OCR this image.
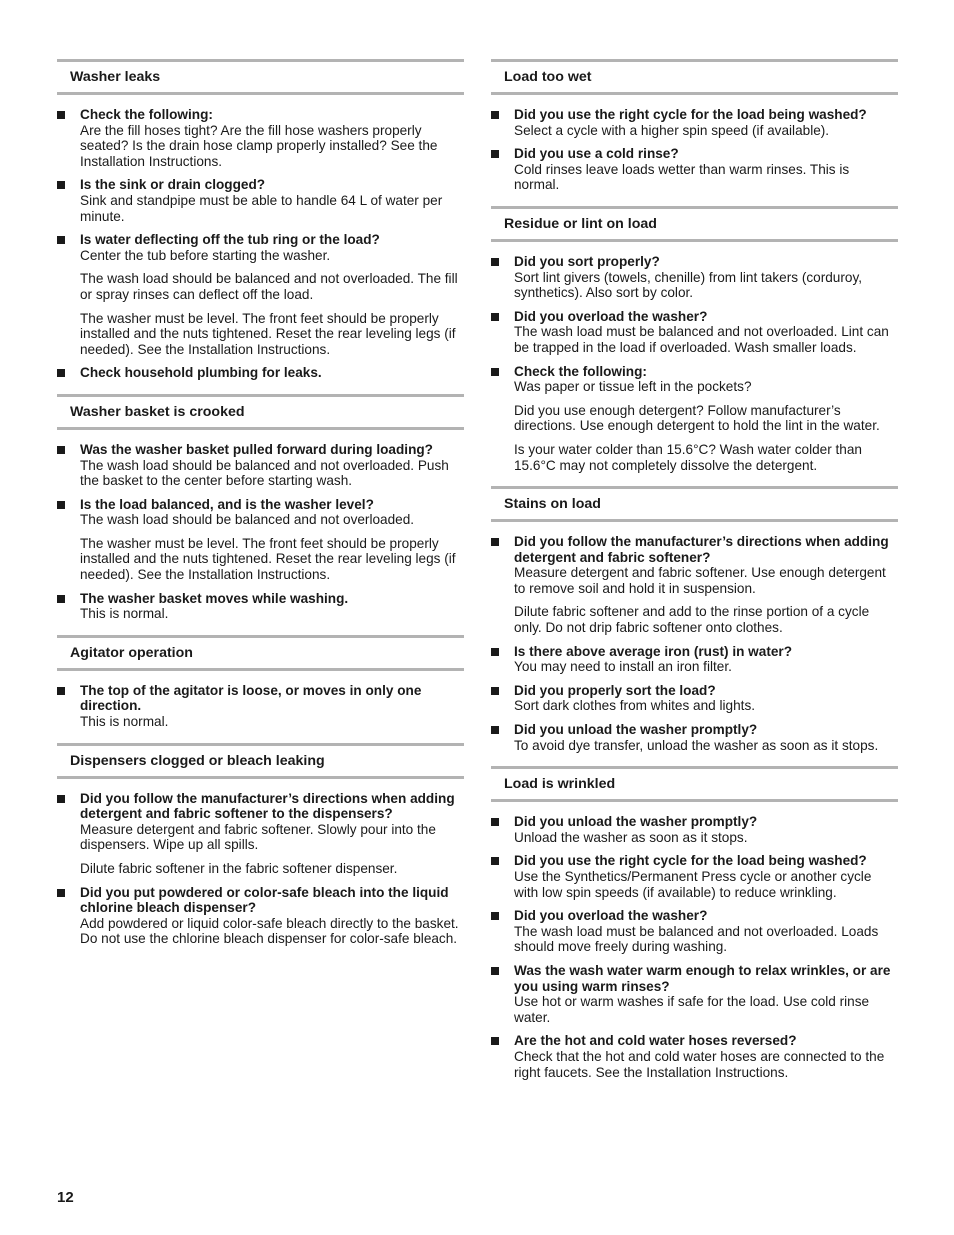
Washer leaks
Check the following:
Are the fill hoses tight? Are the fill hose washers properly seated? Is the drain hose clamp properly installed? See the Installation Instructions.
Is the sink or drain clogged?
Sink and standpipe must be able to handle 64 L of water per minute.
Is water deflecting off the tub ring or the load?
Center the tub before starting the washer.
The wash load should be balanced and not overloaded. The fill or spray rinses can deflect off the load.
The washer must be level. The front feet should be properly installed and the nuts tightened. Reset the rear leveling legs (if needed). See the Installation Instructions.
Check household plumbing for leaks.
Washer basket is crooked
Was the washer basket pulled forward during loading?
The wash load should be balanced and not overloaded. Push the basket to the center before starting wash.
Is the load balanced, and is the washer level?
The wash load should be balanced and not overloaded.
The washer must be level. The front feet should be properly installed and the nuts tightened. Reset the rear leveling legs (if needed). See the Installation Instructions.
The washer basket moves while washing.
This is normal.
Agitator operation
The top of the agitator is loose, or moves in only one direction.
This is normal.
Dispensers clogged or bleach leaking
Did you follow the manufacturer’s directions when adding detergent and fabric softener to the dispensers?
Measure detergent and fabric softener. Slowly pour into the dispensers. Wipe up all spills.
Dilute fabric softener in the fabric softener dispenser.
Did you put powdered or color-safe bleach into the liquid chlorine bleach dispenser?
Add powdered or liquid color-safe bleach directly to the basket. Do not use the chlorine bleach dispenser for color-safe bleach.
Load too wet
Did you use the right cycle for the load being washed?
Select a cycle with a higher spin speed (if available).
Did you use a cold rinse?
Cold rinses leave loads wetter than warm rinses. This is normal.
Residue or lint on load
Did you sort properly?
Sort lint givers (towels, chenille) from lint takers (corduroy, synthetics). Also sort by color.
Did you overload the washer?
The wash load must be balanced and not overloaded. Lint can be trapped in the load if overloaded. Wash smaller loads.
Check the following:
Was paper or tissue left in the pockets?
Did you use enough detergent? Follow manufacturer’s directions. Use enough detergent to hold the lint in the water.
Is your water colder than 15.6°C? Wash water colder than 15.6°C may not completely dissolve the detergent.
Stains on load
Did you follow the manufacturer’s directions when adding detergent and fabric softener?
Measure detergent and fabric softener. Use enough detergent to remove soil and hold it in suspension.
Dilute fabric softener and add to the rinse portion of a cycle only. Do not drip fabric softener onto clothes.
Is there above average iron (rust) in water?
You may need to install an iron filter.
Did you properly sort the load?
Sort dark clothes from whites and lights.
Did you unload the washer promptly?
To avoid dye transfer, unload the washer as soon as it stops.
Load is wrinkled
Did you unload the washer promptly?
Unload the washer as soon as it stops.
Did you use the right cycle for the load being washed?
Use the Synthetics/Permanent Press cycle or another cycle with low spin speeds (if available) to reduce wrinkling.
Did you overload the washer?
The wash load must be balanced and not overloaded. Loads should move freely during washing.
Was the wash water warm enough to relax wrinkles, or are you using warm rinses?
Use hot or warm washes if safe for the load. Use cold rinse water.
Are the hot and cold water hoses reversed?
Check that the hot and cold water hoses are connected to the right faucets. See the Installation Instructions.
12
